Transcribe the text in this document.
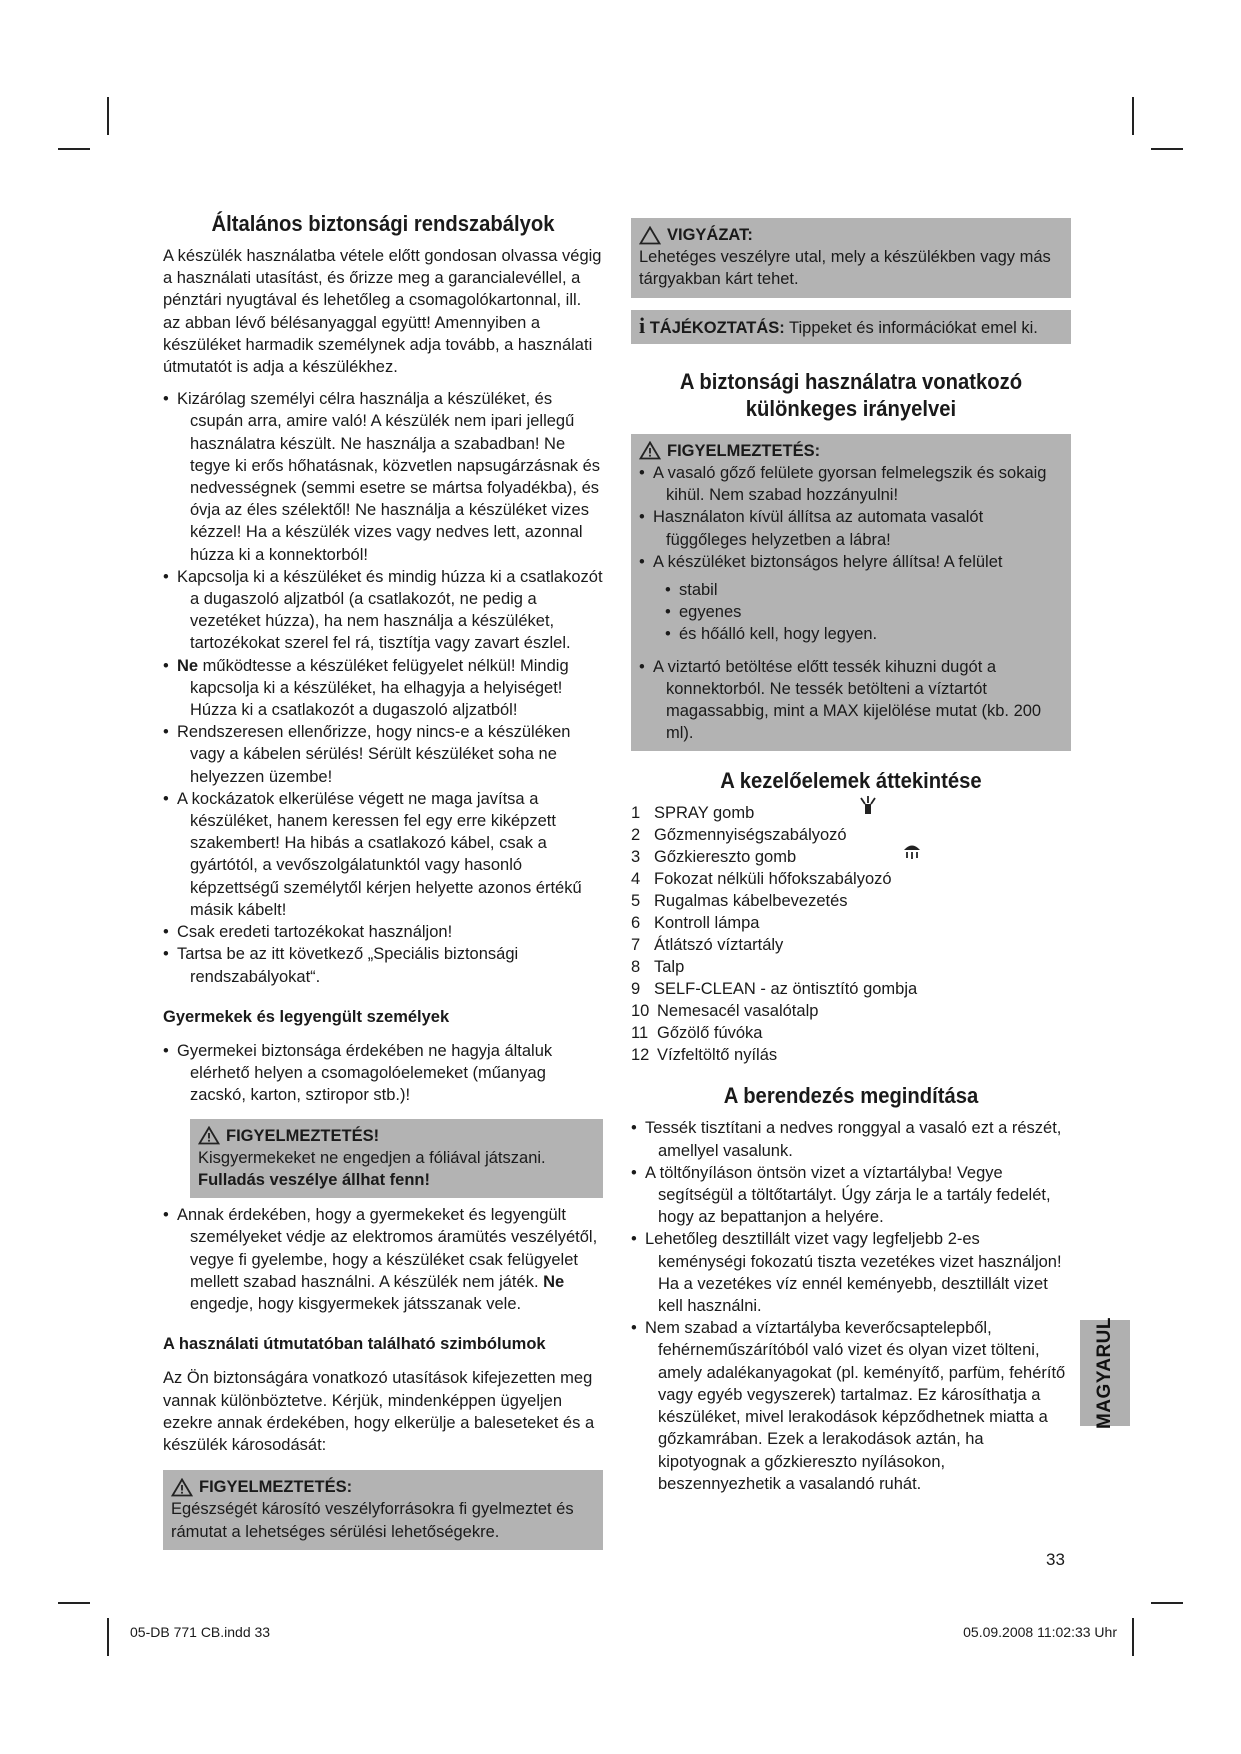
Általános biztonsági rendszabályok

A készülék használatba vétele előtt gondosan olvassa végig a használati utasítást, és őrizze meg a garancialevéllel, a pénztári nyugtával és lehetőleg a csomagolókartonnal, ill. az abban lévő bélésanyaggal együtt! Amennyiben a készüléket harmadik személynek adja tovább, a használati útmutatót is adja a készülékhez.

• Kizárólag személyi célra használja a készüléket, és csupán arra, amire való! A készülék nem ipari jellegű használatra készült. Ne használja a szabadban! Ne tegye ki erős hőhatásnak, közvetlen napsugárzásnak és nedvességnek (semmi esetre se mártsa folyadékba), és óvja az éles szélektől! Ne használja a készüléket vizes kézzel! Ha a készülék vizes vagy nedves lett, azonnal húzza ki a konnektorból!
• Kapcsolja ki a készüléket és mindig húzza ki a csatlakozót a dugaszoló aljzatból (a csatlakozót, ne pedig a vezetéket húzza), ha nem használja a készüléket, tartozékokat szerel fel rá, tisztítja vagy zavart észlel.
• Ne működtesse a készüléket felügyelet nélkül! Mindig kapcsolja ki a készüléket, ha elhagyja a helyiséget! Húzza ki a csatlakozót a dugaszoló aljzatból!
• Rendszeresen ellenőrizze, hogy nincs-e a készüléken vagy a kábelen sérülés! Sérült készüléket soha ne helyezzen üzembe!
• A kockázatok elkerülése végett ne maga javítsa a készüléket, hanem keressen fel egy erre kiképzett szakembert! Ha hibás a csatlakozó kábel, csak a gyártótól, a vevőszolgálatunktól vagy hasonló képzettségű személytől kérjen helyette azonos értékű másik kábelt!
• Csak eredeti tartozékokat használjon!
• Tartsa be az itt következő „Speciális biztonsági rendszabályokat“.
Gyermekek és legyengült személyek
• Gyermekei biztonsága érdekében ne hagyja általuk elérhető helyen a csomagolóelemeket (műanyag zacskó, karton, sztiropor stb.)!
FIGYELMEZTETÉS!
Kisgyermekeket ne engedjen a fóliával játszani. Fulladás veszélye állhat fenn!
• Annak érdekében, hogy a gyermekeket és legyengült személyeket védje az elektromos áramütés veszélyétől, vegye fi gyelembe, hogy a készüléket csak felügyelet mellett szabad használni. A készülék nem játék. Ne engedje, hogy kisgyermekek játsszanak vele.
A használati útmutatóban található szimbólumok

Az Ön biztonságára vonatkozó utasítások kifejezetten meg vannak különböztetve. Kérjük, mindenképpen ügyeljen ezekre annak érdekében, hogy elkerülje a baleseteket és a készülék károsodását:

FIGYELMEZTETÉS:
Egészségét károsító veszélyforrásokra fi gyelmeztet és rámutat a lehetséges sérülési lehetőségekre.
VIGYÁZAT:
Lehetéges veszélyre utal, mely a készülékben vagy más tárgyakban kárt tehet.
i TÁJÉKOZTATÁS: Tippeket és információkat emel ki.
A biztonsági használatra vonatkozó különkeges irányelvei
FIGYELMEZTETÉS:
• A vasaló gőző felülete gyorsan felmelegszik és sokaig kihül. Nem szabad hozzányulni!
• Használaton kívül állítsa az automata vasalót függőleges helyzetben a lábra!
• A készüléket biztonságos helyre állítsa! A felület
• stabil
• egyenes
• és hőálló kell, hogy legyen.
• A viztartó betöltése előtt tessék kihuzni dugót a konnektorból. Ne tessék betölteni a víztartót magassabbig, mint a MAX kijelölése mutat (kb. 200 ml).
A kezelőelemek áttekintése
1 SPRAY gomb
2 Gőzmennyiségszabályozó
3 Gőzkiereszto gomb
4 Fokozat nélküli hőfokszabályozó
5 Rugalmas kábelbevezetés
6 Kontroll lámpa
7 Átlátszó víztartály
8 Talp
9 SELF-CLEAN - az öntisztító gombja
10 Nemesacél vasalótalp
11 Gőzölő fúvóka
12 Vízfeltöltő nyílás
A berendezés megindítása
• Tessék tisztítani a nedves ronggyal a vasaló ezt a részét, amellyel vasalunk.
• A töltőnyíláson öntsön vizet a víztartályba! Vegye segítségül a töltőtartályt. Úgy zárja le a tartály fedelét, hogy az bepattanjon a helyére.
• Lehetőleg desztillált vizet vagy legfeljebb 2-es keménységi fokozatú tiszta vezetékes vizet használjon! Ha a vezetékes víz ennél keményebb, desztillált vizet kell használni.
• Nem szabad a víztartályba keverőcsaptelepből, fehérneműszárítóból való vizet és olyan vizet tölteni, amely adalékanyagokat (pl. keményítő, parfüm, fehérítő vagy egyéb vegyszerek) tartalmaz. Ez károsíthatja a készüléket, mivel lerakodások képződhetnek miatta a gőzkamrában. Ezek a lerakodások aztán, ha kipotyognak a gőzkiereszto nyílásokon, beszennyezhetik a vasalandó ruhát.
MAGYARUL
33
05-DB 771 CB.indd 33	05.09.2008 11:02:33 Uhr
